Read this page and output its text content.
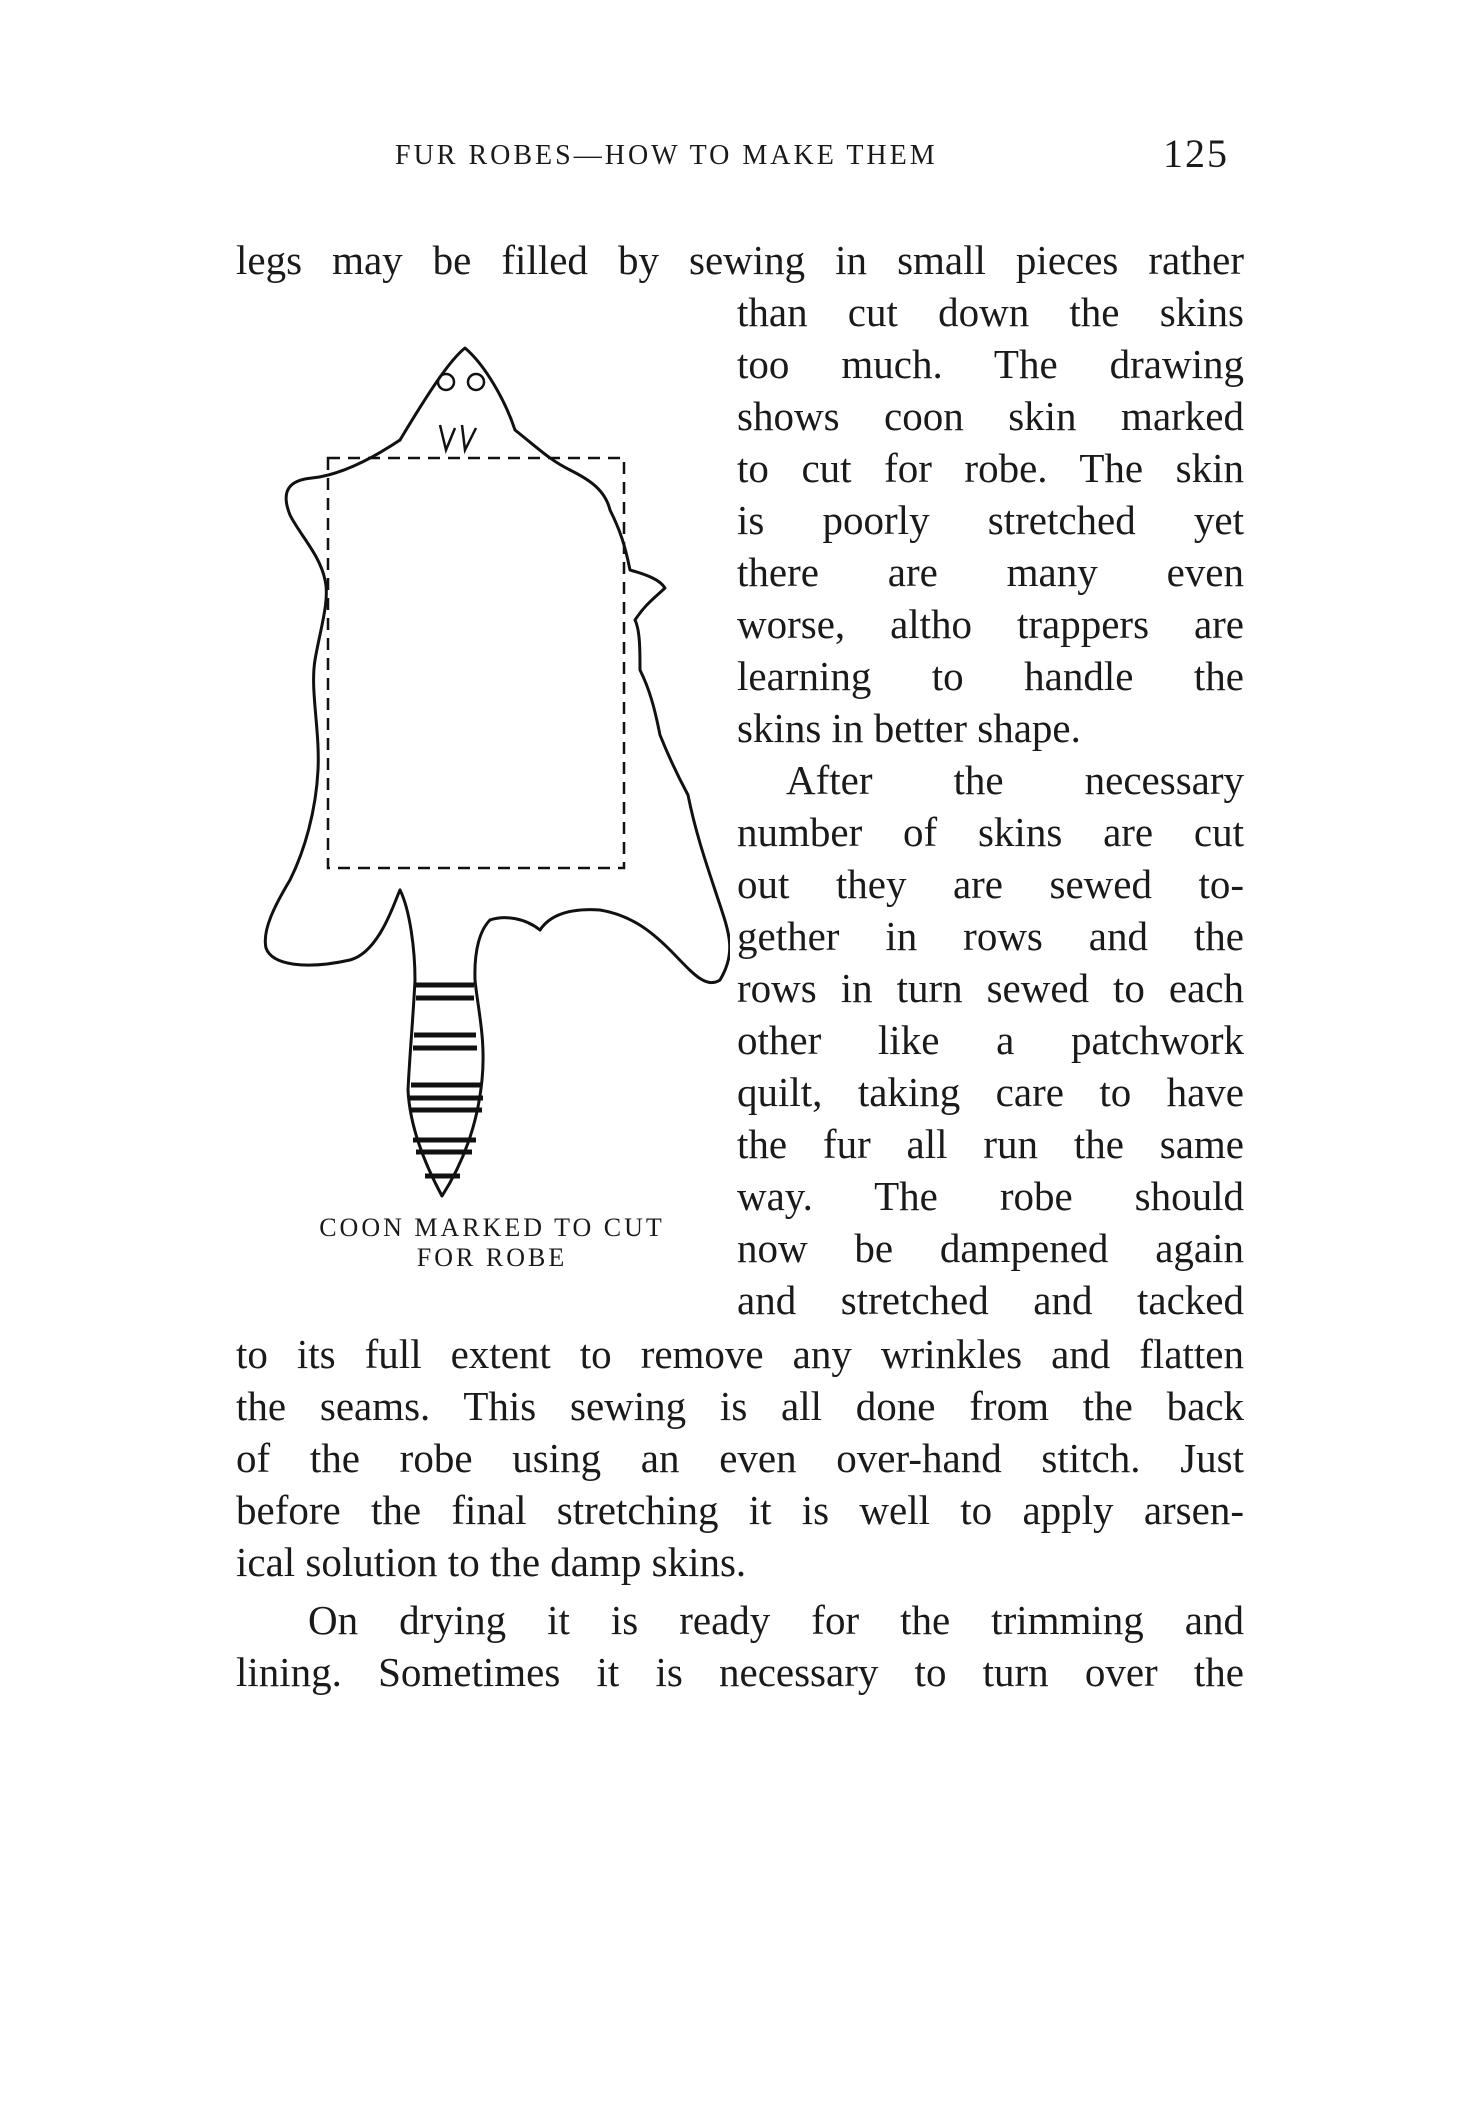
FUR ROBES—HOW TO MAKE THEM	125
COON MARKED TO CUT
FOR ROBE
legs may be filled by sewing in small pieces rather
than cut down the skins
too much. The drawing
shows coon skin marked
to cut for robe. The skin
is poorly stretched yet
there are many even
worse, altho trappers are
learning to handle the
skins in better shape.
After the necessary
number of skins are cut
out they are sewed to-
gether in rows and the
rows in turn sewed to each
other like a patchwork
quilt, taking care to have
the fur all run the same
way. The robe should
now be dampened again
and stretched and tacked
to its full extent to remove any wrinkles and flatten
the seams. This sewing is all done from the back
of the robe using an even over-hand stitch. Just
before the final stretching it is well to apply arsen-
ical solution to the damp skins.
On drying it is ready for the trimming and
lining. Sometimes it is necessary to turn over the
